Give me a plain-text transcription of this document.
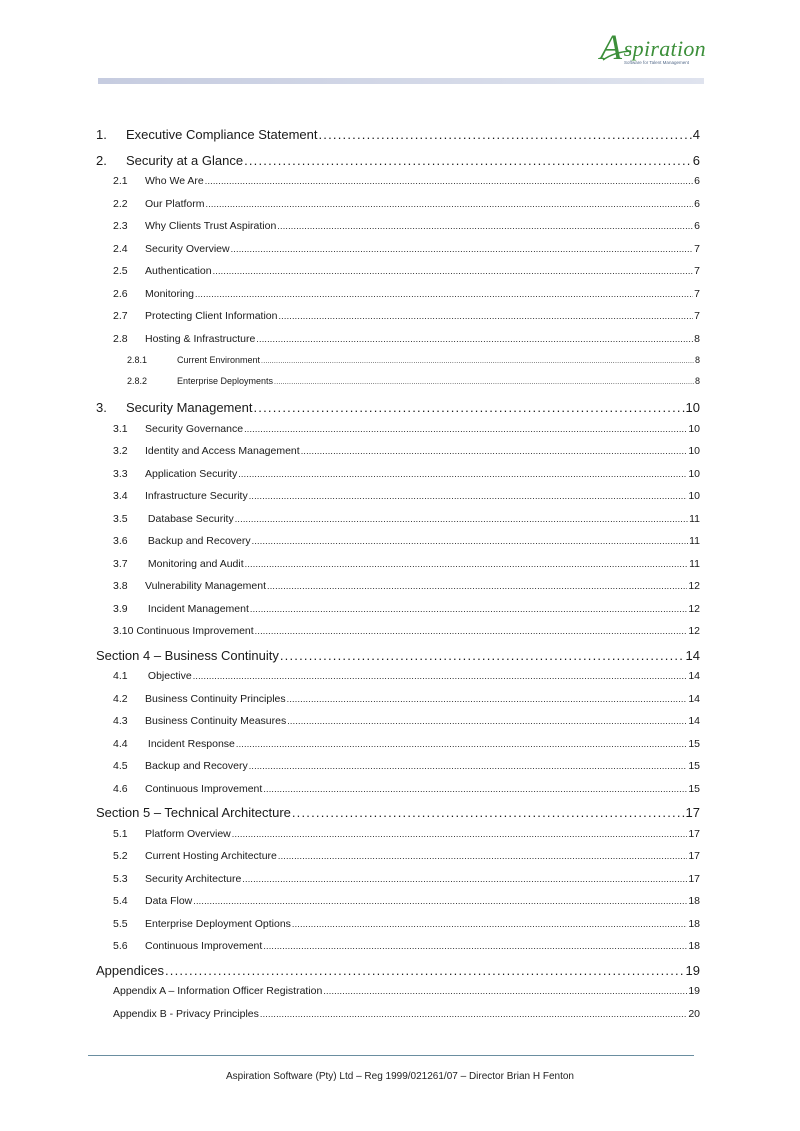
A
spiration
Software for Talent Management
1.	Executive Compliance Statement .....	4
2.	Security at a Glance .....	6
2.1	Who We Are .....	6
2.2	Our Platform .....	6
2.3	Why Clients Trust Aspiration .....	6
2.4	Security Overview .....	7
2.5	Authentication .....	7
2.6	Monitoring .....	7
2.7	Protecting Client Information .....	7
2.8	Hosting & Infrastructure .....	8
2.8.1	Current Environment .....	8
2.8.2	Enterprise Deployments .....	8
3.	Security Management .....	10
3.1	Security Governance .....	10
3.2	Identity and Access Management .....	10
3.3	Application Security .....	10
3.4	Infrastructure Security .....	10
3.5	Database Security .....	11
3.6	Backup and Recovery .....	11
3.7	Monitoring and Audit .....	11
3.8	Vulnerability Management .....	12
3.9	Incident Management .....	12
3.10 Continuous Improvement .....	12
Section 4 – Business Continuity .....	14
4.1	Objective .....	14
4.2	Business Continuity Principles .....	14
4.3	Business Continuity Measures .....	14
4.4	Incident Response .....	15
4.5	Backup and Recovery .....	15
4.6	Continuous Improvement .....	15
Section 5 – Technical Architecture .....	17
5.1	Platform Overview .....	17
5.2	Current Hosting Architecture .....	17
5.3	Security Architecture .....	17
5.4	Data Flow .....	18
5.5	Enterprise Deployment Options .....	18
5.6	Continuous Improvement .....	18
Appendices .....	19
Appendix A – Information Officer Registration .....	19
Appendix B - Privacy Principles .....	20
Aspiration Software (Pty) Ltd – Reg 1999/021261/07 – Director Brian H Fenton
